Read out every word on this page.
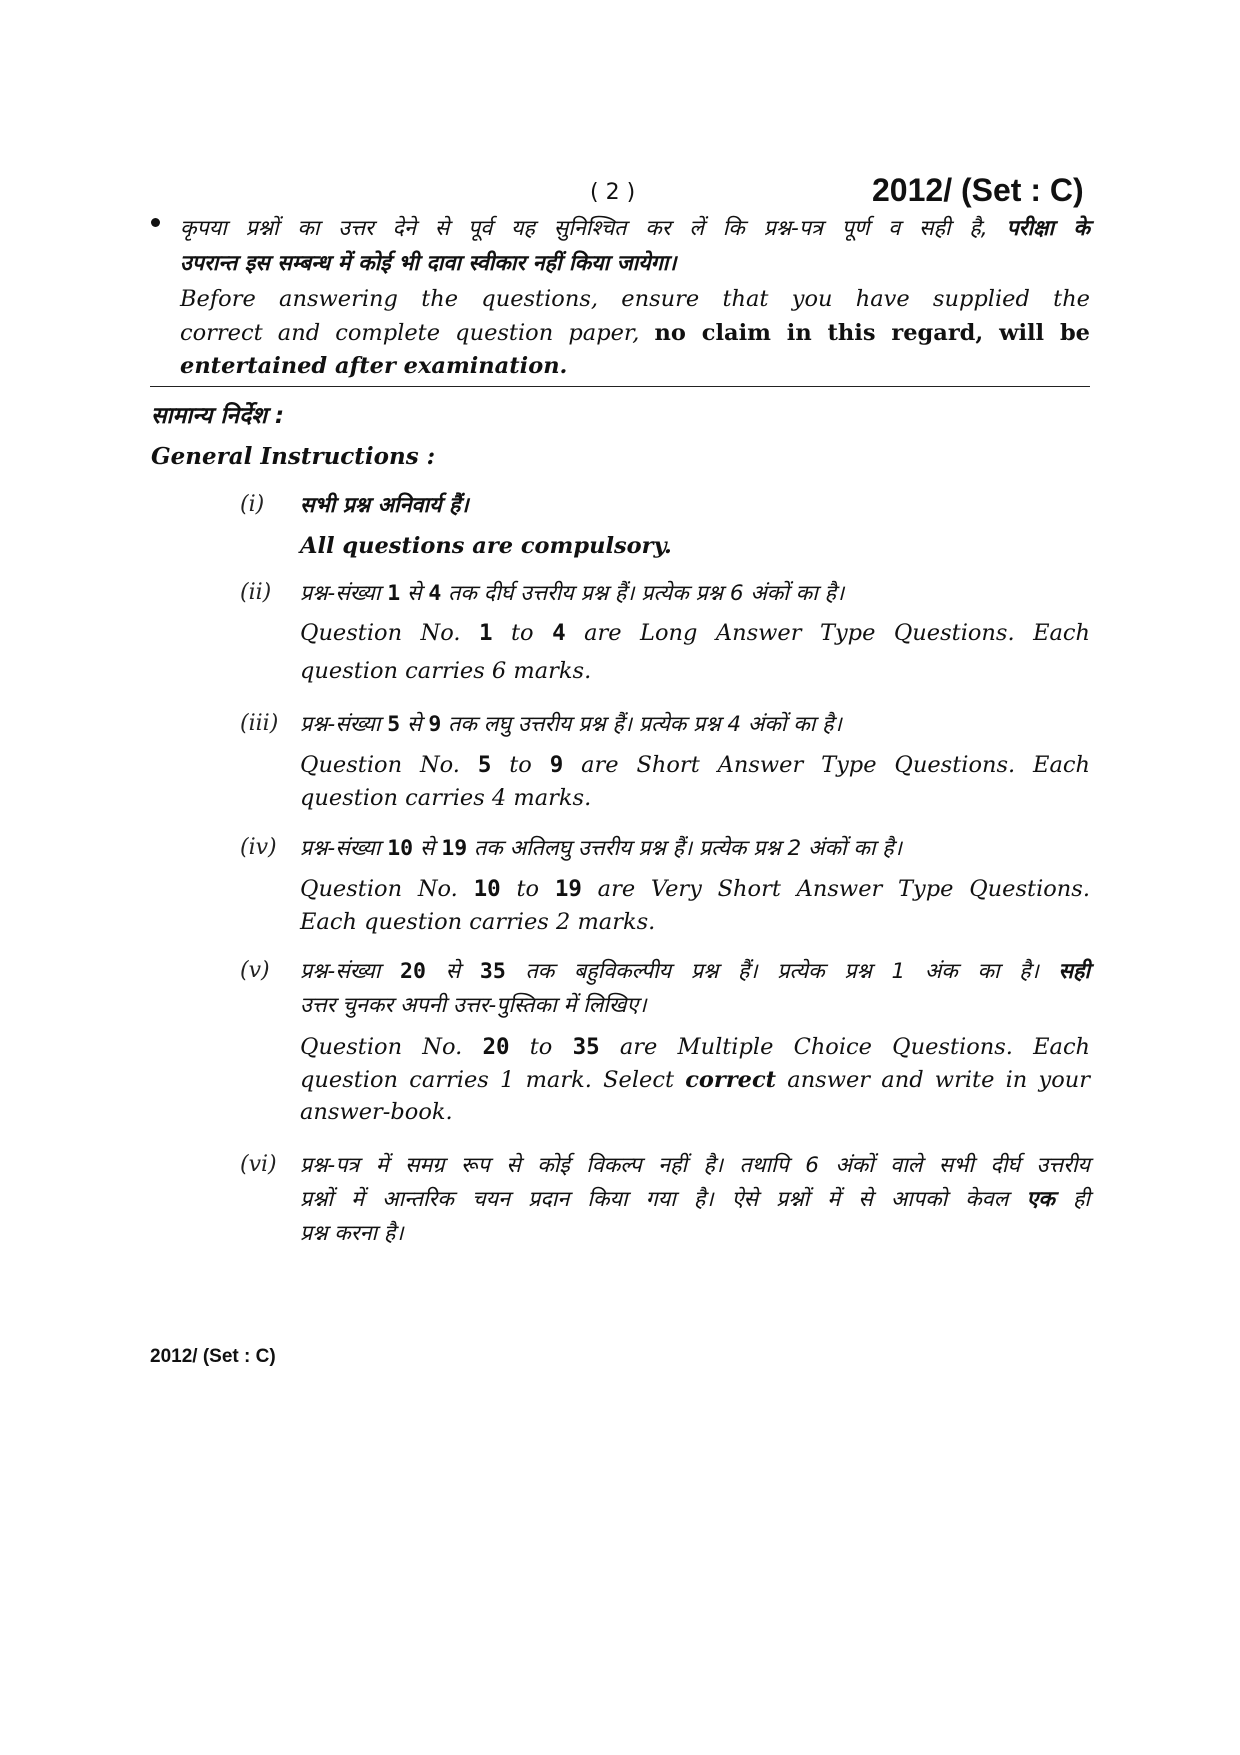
( 2 )	2012/ (Set : C)
कृपया प्रश्नों का उत्तर देने से पूर्व यह सुनिश्चित कर लें कि प्रश्न-पत्र पूर्ण व सही है, परीक्षा के
उपरान्त इस सम्बन्ध में कोई भी दावा स्वीकार नहीं किया जायेगा।
Before answering the questions, ensure that you have supplied the
correct and complete question paper, no claim in this regard, will be
entertained after examination.
सामान्य निर्देश :
General Instructions :
(i) सभी प्रश्न अनिवार्य हैं।
All questions are compulsory.
(ii) प्रश्न-संख्या 1 से 4 तक दीर्घ उत्तरीय प्रश्न हैं। प्रत्येक प्रश्न 6 अंकों का है।
Question No. 1 to 4 are Long Answer Type Questions. Each
question carries 6 marks.
(iii) प्रश्न-संख्या 5 से 9 तक लघु उत्तरीय प्रश्न हैं। प्रत्येक प्रश्न 4 अंकों का है।
Question No. 5 to 9 are Short Answer Type Questions. Each
question carries 4 marks.
(iv) प्रश्न-संख्या 10 से 19 तक अतिलघु उत्तरीय प्रश्न हैं। प्रत्येक प्रश्न 2 अंकों का है।
Question No. 10 to 19 are Very Short Answer Type Questions.
Each question carries 2 marks.
(v) प्रश्न-संख्या 20 से 35 तक बहुविकल्पीय प्रश्न हैं। प्रत्येक प्रश्न 1 अंक का है। सही
उत्तर चुनकर अपनी उत्तर-पुस्तिका में लिखिए।
Question No. 20 to 35 are Multiple Choice Questions. Each
question carries 1 mark. Select correct answer and write in your
answer-book.
(vi) प्रश्न-पत्र में समग्र रूप से कोई विकल्प नहीं है। तथापि 6 अंकों वाले सभी दीर्घ उत्तरीय
प्रश्नों में आन्तरिक चयन प्रदान किया गया है। ऐसे प्रश्नों में से आपको केवल एक ही
प्रश्न करना है।
2012/ (Set : C)
